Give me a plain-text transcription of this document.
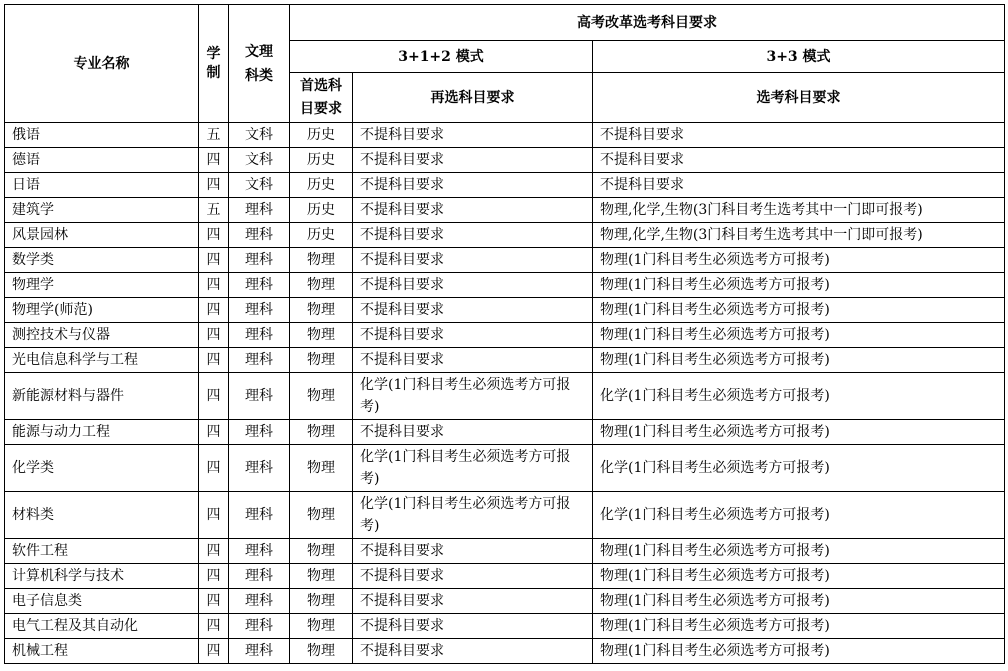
专业名称	学制	文理科类	高考改革选考科目要求		
			3+1+2 模式		3+3 模式
			首选科目要求	再选科目要求	选考科目要求
俄语	五	文科	历史	不提科目要求	不提科目要求
德语	四	文科	历史	不提科目要求	不提科目要求
日语	四	文科	历史	不提科目要求	不提科目要求
建筑学	五	理科	历史	不提科目要求	物理,化学,生物(3门科目考生选考其中一门即可报考)
风景园林	四	理科	历史	不提科目要求	物理,化学,生物(3门科目考生选考其中一门即可报考)
数学类	四	理科	物理	不提科目要求	物理(1门科目考生必须选考方可报考)
物理学	四	理科	物理	不提科目要求	物理(1门科目考生必须选考方可报考)
物理学(师范)	四	理科	物理	不提科目要求	物理(1门科目考生必须选考方可报考)
测控技术与仪器	四	理科	物理	不提科目要求	物理(1门科目考生必须选考方可报考)
光电信息科学与工程	四	理科	物理	不提科目要求	物理(1门科目考生必须选考方可报考)
新能源材料与器件	四	理科	物理	化学(1门科目考生必须选考方可报考)	化学(1门科目考生必须选考方可报考)
能源与动力工程	四	理科	物理	不提科目要求	物理(1门科目考生必须选考方可报考)
化学类	四	理科	物理	化学(1门科目考生必须选考方可报考)	化学(1门科目考生必须选考方可报考)
材料类	四	理科	物理	化学(1门科目考生必须选考方可报考)	化学(1门科目考生必须选考方可报考)
软件工程	四	理科	物理	不提科目要求	物理(1门科目考生必须选考方可报考)
计算机科学与技术	四	理科	物理	不提科目要求	物理(1门科目考生必须选考方可报考)
电子信息类	四	理科	物理	不提科目要求	物理(1门科目考生必须选考方可报考)
电气工程及其自动化	四	理科	物理	不提科目要求	物理(1门科目考生必须选考方可报考)
机械工程	四	理科	物理	不提科目要求	物理(1门科目考生必须选考方可报考)
